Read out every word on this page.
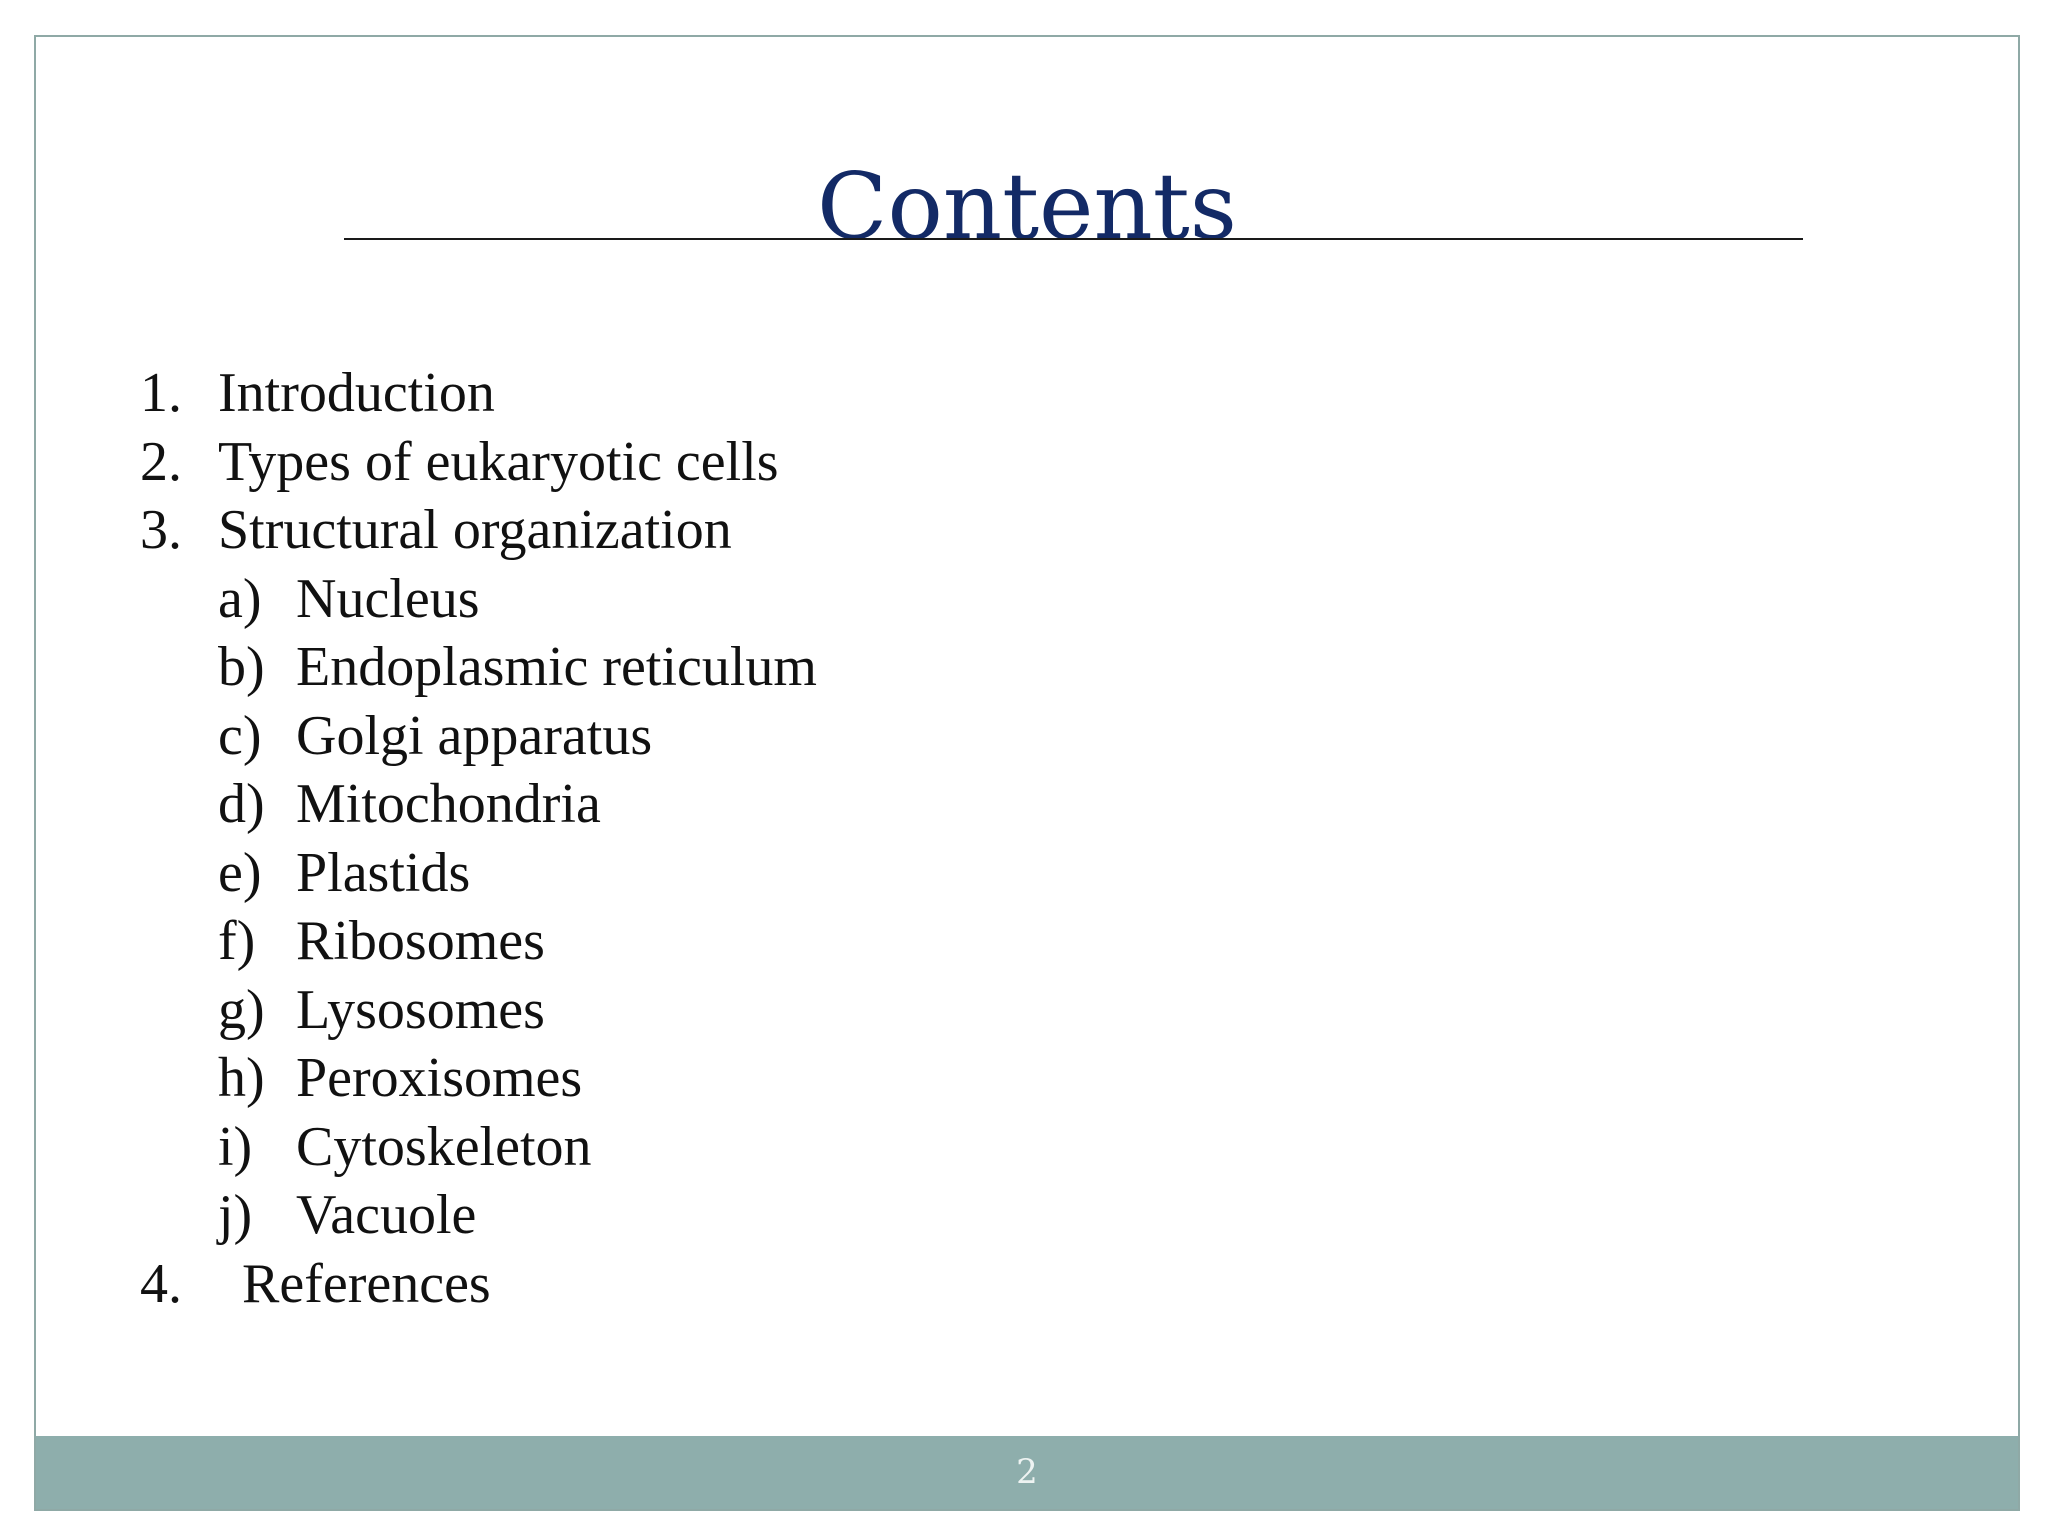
Contents
1. Introduction
2. Types of eukaryotic cells
3. Structural organization
a) Nucleus
b) Endoplasmic reticulum
c) Golgi apparatus
d) Mitochondria
e) Plastids
f) Ribosomes
g) Lysosomes
h) Peroxisomes
i) Cytoskeleton
j) Vacuole
4. References
2
